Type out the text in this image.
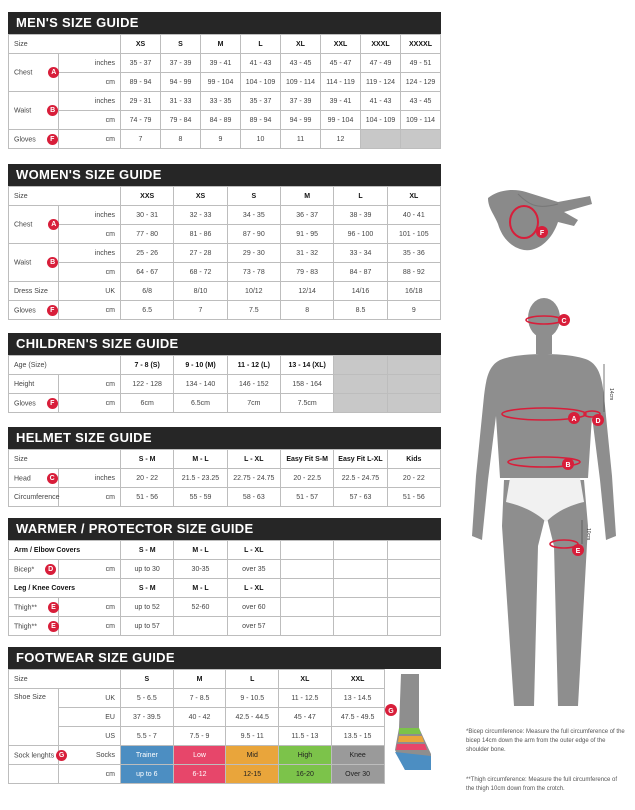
MEN'S SIZE GUIDE
Size		XS	S	M	L	XL	XXL	XXXL	XXXXL
Chest A	inches	35 - 37	37 - 39	39 - 41	41 - 43	43 - 45	45 - 47	47 - 49	49 - 51
	cm	89 - 94	94 - 99	99 - 104	104 - 109	109 - 114	114 - 119	119 - 124	124 - 129
Waist B	inches	29 - 31	31 - 33	33 - 35	35 - 37	37 - 39	39 - 41	41 - 43	43 - 45
	cm	74 - 79	79 - 84	84 - 89	89 - 94	94 - 99	99 - 104	104 - 109	109 - 114
Gloves F	cm	7	8	9	10	11	12		
WOMEN'S SIZE GUIDE
Size		XXS	XS	S	M	L	XL
Chest A	inches	30 - 31	32 - 33	34 - 35	36 - 37	38 - 39	40 - 41
	cm	77 - 80	81 - 86	87 - 90	91 - 95	96 - 100	101 - 105
Waist B	inches	25 - 26	27 - 28	29 - 30	31 - 32	33 - 34	35 - 36
	cm	64 - 67	68 - 72	73 - 78	79 - 83	84 - 87	88 - 92
Dress Size	UK	6/8	8/10	10/12	12/14	14/16	16/18
Gloves F	cm	6.5	7	7.5	8	8.5	9
CHILDREN'S SIZE GUIDE
Age (Size)		7 - 8 (S)	9 - 10 (M)	11 - 12 (L)	13 - 14 (XL)		
Height	cm	122 - 128	134 - 140	146 - 152	158 - 164		
Gloves F	cm	6cm	6.5cm	7cm	7.5cm		
HELMET SIZE GUIDE
Size		S - M	M - L	L - XL	Easy Fit S-M	Easy Fit L-XL	Kids
Head C	inches	20 - 22	21.5 - 23.25	22.75 - 24.75	20 - 22.5	22.5 - 24.75	20 - 22
Circumference	cm	51 - 56	55 - 59	58 - 63	51 - 57	57 - 63	51 - 56
WARMER / PROTECTOR SIZE GUIDE
Arm / Elbow Covers		S - M	M - L	L - XL			
Bicep* D	cm	up to 30	30-35	over 35			
Leg / Knee Covers		S - M	M - L	L - XL			
Thigh** E	cm	up to 52	52-60	over 60			
Thigh** E	cm	up to 57		over 57			
FOOTWEAR SIZE GUIDE
Size		S	M	L	XL	XXL	G

Shoe Size	UK	5 - 6.5	7 - 8.5	9 - 10.5	11 - 12.5	13 - 14.5	
	EU	37 - 39.5	40 - 42	42.5 - 44.5	45 - 47	47.5 - 49.5	
	US	5.5 - 7	7.5 - 9	9.5 - 11	11.5 - 13	13.5 - 15	
Sock lenghts G	Socks	Trainer	Low	Mid	High	Knee	
	cm	up to 6	6-12	12-15	16-20	Over 30	
F
14cm
10cm
C
A	D
B
E
*Bicep circumference: Measure the full circumference of the bicep 14cm down the arm from the outer edge of the shoulder bone.
**Thigh circumference: Measure the full circumference of the thigh 10cm down from the crotch.
